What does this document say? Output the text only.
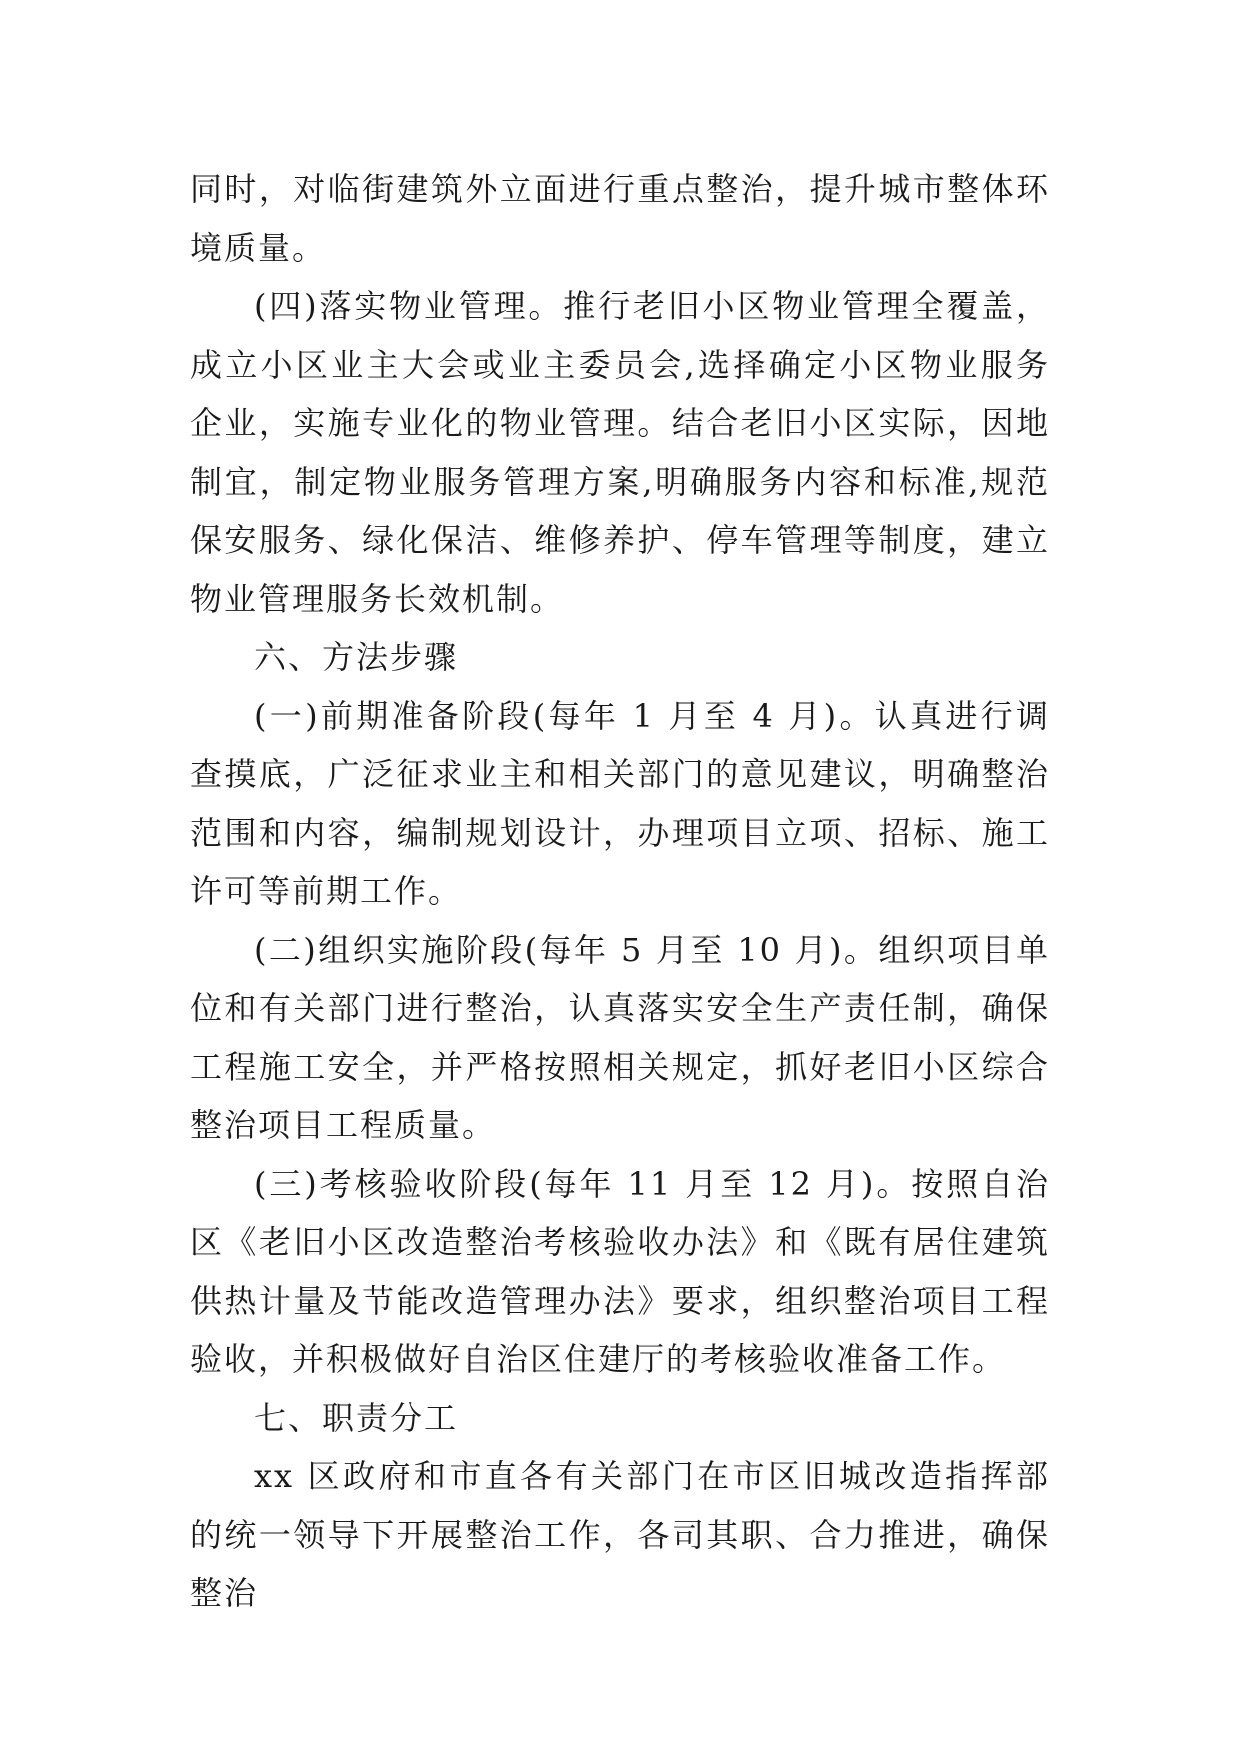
同时，对临街建筑外立面进行重点整治，提升城市整体环境质量。

(四)落实物业管理。推行老旧小区物业管理全覆盖，成立小区业主大会或业主委员会,选择确定小区物业服务企业，实施专业化的物业管理。结合老旧小区实际，因地制宜，制定物业服务管理方案,明确服务内容和标准,规范保安服务、绿化保洁、维修养护、停车管理等制度，建立物业管理服务长效机制。

六、方法步骤

(一)前期准备阶段(每年 1 月至 4 月)。认真进行调查摸底，广泛征求业主和相关部门的意见建议，明确整治范围和内容，编制规划设计，办理项目立项、招标、施工许可等前期工作。

(二)组织实施阶段(每年 5 月至 10 月)。组织项目单位和有关部门进行整治，认真落实安全生产责任制，确保工程施工安全，并严格按照相关规定，抓好老旧小区综合整治项目工程质量。

(三)考核验收阶段(每年 11 月至 12 月)。按照自治区《老旧小区改造整治考核验收办法》和《既有居住建筑供热计量及节能改造管理办法》要求，组织整治项目工程验收，并积极做好自治区住建厅的考核验收准备工作。

七、职责分工

xx 区政府和市直各有关部门在市区旧城改造指挥部的统一领导下开展整治工作，各司其职、合力推进，确保整治
